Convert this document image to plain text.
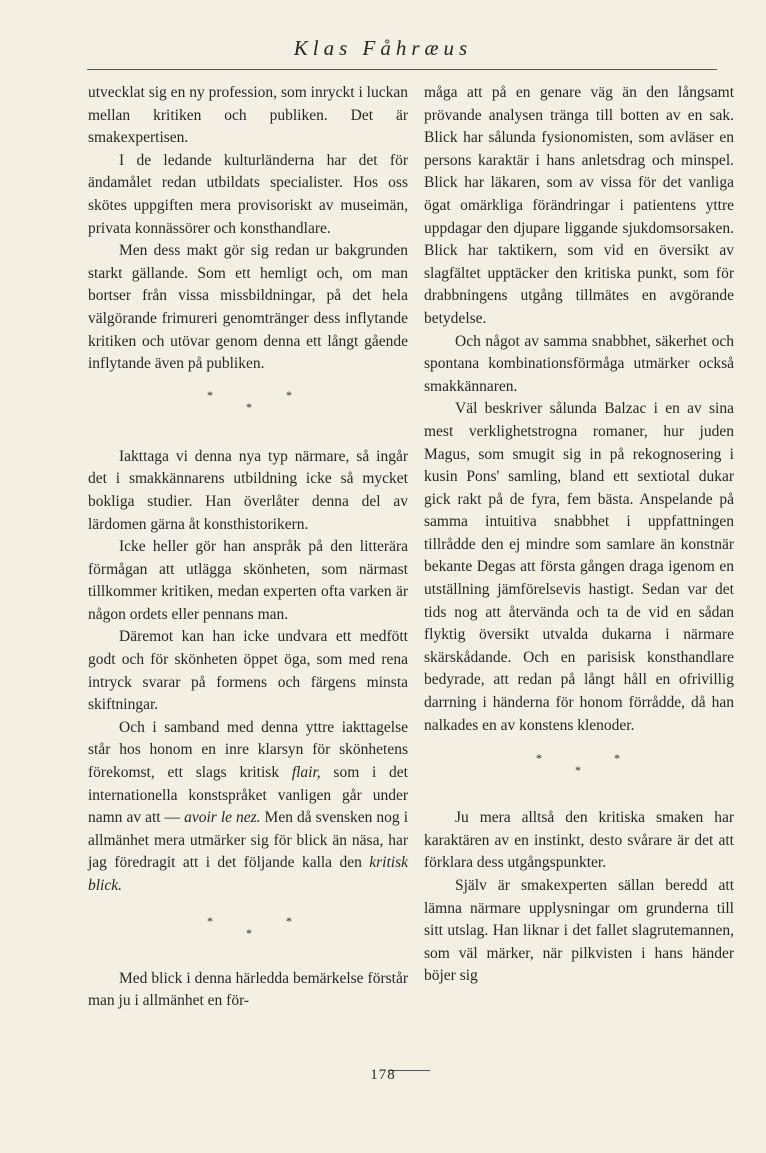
Klas Fåhræus

utvecklat sig en ny profession, som inryckt i luckan mellan kritiken och publiken. Det är smakexpertisen.

I de ledande kulturländerna har det för ändamålet redan utbildats specialister. Hos oss skötes uppgiften mera provisoriskt av museimän, privata konnässörer och konsthandlare.

Men dess makt gör sig redan ur bakgrunden starkt gällande. Som ett hemligt och, om man bortser från vissa missbildningar, på det hela välgörande frimureri genomtränger dess inflytande kritiken och utövar genom denna ett långt gående inflytande även på publiken.

*	*
*

Iakttaga vi denna nya typ närmare, så ingår det i smakkännarens utbildning icke så mycket bokliga studier. Han överlåter denna del av lärdomen gärna åt konsthistorikern.

Icke heller gör han anspråk på den litterära förmågan att utlägga skönheten, som närmast tillkommer kritiken, medan experten ofta varken är någon ordets eller pennans man.

Däremot kan han icke undvara ett medfött godt och för skönheten öppet öga, som med rena intryck svarar på formens och färgens minsta skiftningar.

Och i samband med denna yttre iakttagelse står hos honom en inre klarsyn för skönhetens förekomst, ett slags kritisk flair, som i det internationella konstspråket vanligen går under namn av att — avoir le nez. Men då svensken nog i allmänhet mera utmärker sig för blick än näsa, har jag föredragit att i det följande kalla den kritisk blick.

*	*
*

Med blick i denna härledda bemärkelse förstår man ju i allmänhet en för-

måga att på en genare väg än den långsamt prövande analysen tränga till botten av en sak. Blick har sålunda fysionomisten, som avläser en persons karaktär i hans anletsdrag och minspel. Blick har läkaren, som av vissa för det vanliga ögat omärkliga förändringar i patientens yttre uppdagar den djupare liggande sjukdomsorsaken. Blick har taktikern, som vid en översikt av slagfältet upptäcker den kritiska punkt, som för drabbningens utgång tillmätes en avgörande betydelse.

Och något av samma snabbhet, säkerhet och spontana kombinationsförmåga utmärker också smakkännaren.

Väl beskriver sålunda Balzac i en av sina mest verklighetstrogna romaner, hur juden Magus, som smugit sig in på rekognosering i kusin Pons' samling, bland ett sextiotal dukar gick rakt på de fyra, fem bästa. Anspelande på samma intuitiva snabbhet i uppfattningen tillrådde den ej mindre som samlare än konstnär bekante Degas att första gången draga igenom en utställning jämförelsevis hastigt. Sedan var det tids nog att återvända och ta de vid en sådan flyktig översikt utvalda dukarna i närmare skärskådande. Och en parisisk konsthandlare bedyrade, att redan på långt håll en ofrivillig darrning i händerna för honom förrådde, då han nalkades en av konstens klenoder.

*	*
*

Ju mera alltså den kritiska smaken har karaktären av en instinkt, desto svårare är det att förklara dess utgångspunkter.

Själv är smakexperten sällan beredd att lämna närmare upplysningar om grunderna till sitt utslag. Han liknar i det fallet slagrutemannen, som väl märker, när pilkvisten i hans händer böjer sig

178
